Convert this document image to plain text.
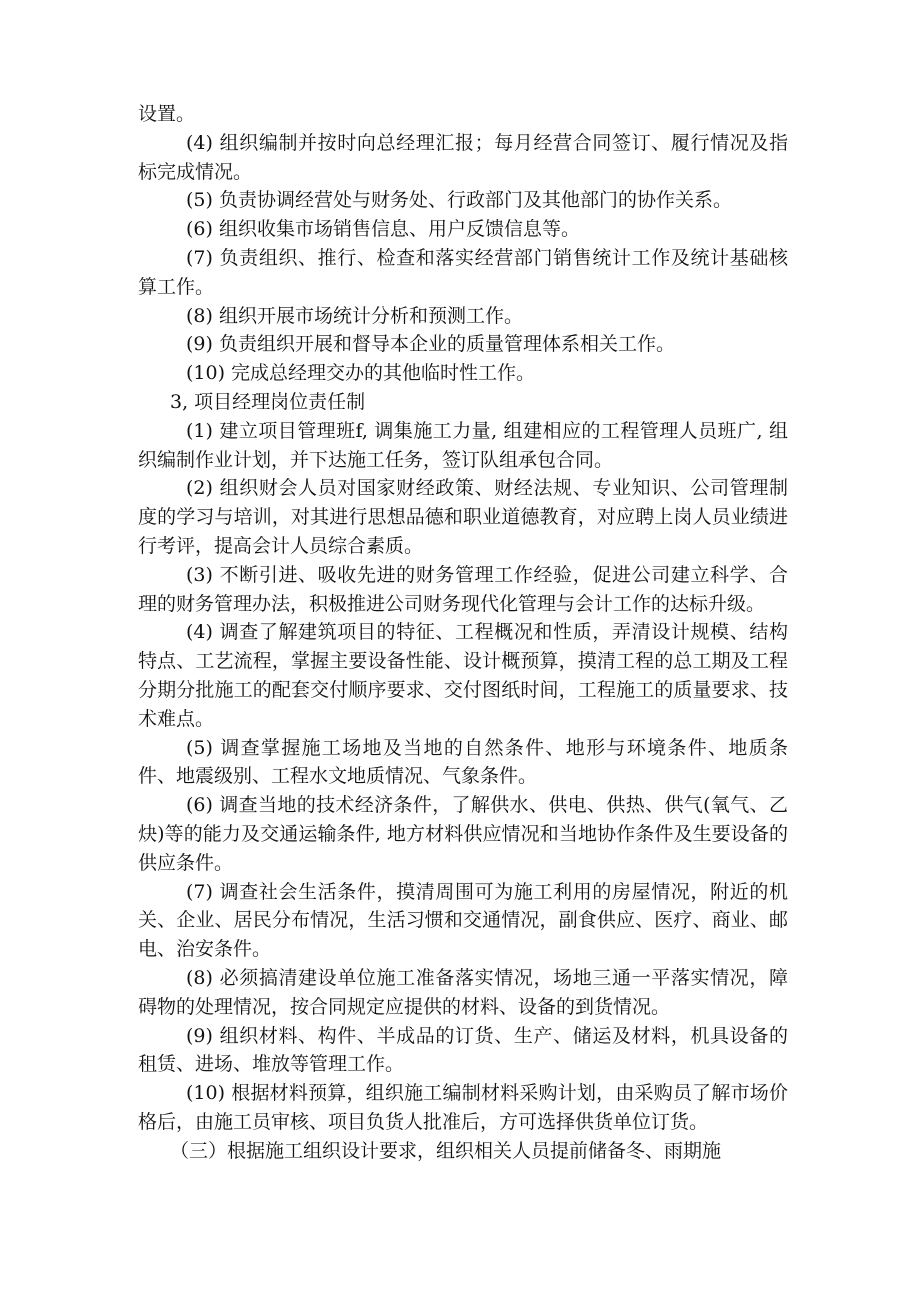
设置。

(4) 组织编制并按时向总经理汇报；每月经营合同签订、履行情况及指标完成情况。

(5) 负责协调经营处与财务处、行政部门及其他部门的协作关系。

(6) 组织收集市场销售信息、用户反馈信息等。

(7) 负责组织、推行、检查和落实经营部门销售统计工作及统计基础核算工作。

(8) 组织开展市场统计分析和预测工作。

(9) 负责组织开展和督导本企业的质量管理体系相关工作。

(10) 完成总经理交办的其他临时性工作。

3, 项目经理岗位责任制

(1) 建立项目管理班f, 调集施工力量, 组建相应的工程管理人员班广, 组织编制作业计划，并下达施工任务，签订队组承包合同。

(2) 组织财会人员对国家财经政策、财经法规、专业知识、公司管理制度的学习与培训，对其进行思想品德和职业道德教育，对应聘上岗人员业绩进行考评，提高会计人员综合素质。

(3) 不断引进、吸收先进的财务管理工作经验，促进公司建立科学、合理的财务管理办法，积极推进公司财务现代化管理与会计工作的达标升级。

(4) 调查了解建筑项目的特征、工程概况和性质，弄清设计规模、结构特点、工艺流程，掌握主要设备性能、设计概预算，摸清工程的总工期及工程分期分批施工的配套交付顺序要求、交付图纸时间，工程施工的质量要求、技术难点。

(5) 调查掌握施工场地及当地的自然条件、地形与环境条件、地质条件、地震级别、工程水文地质情况、气象条件。

(6) 调查当地的技术经济条件，了解供水、供电、供热、供气(氧气、乙炔)等的能力及交通运输条件, 地方材料供应情况和当地协作条件及生要设备的供应条件。

(7) 调查社会生活条件，摸清周围可为施工利用的房屋情况，附近的机关、企业、居民分布情况，生活习惯和交通情况，副食供应、医疗、商业、邮电、治安条件。

(8) 必须搞清建设单位施工准备落实情况，场地三通一平落实情况，障碍物的处理情况，按合同规定应提供的材料、设备的到货情况。

(9) 组织材料、构件、半成品的订货、生产、储运及材料，机具设备的租赁、进场、堆放等管理工作。

(10) 根据材料预算，组织施工编制材料采购计划，由采购员了解市场价格后，由施工员审核、项目负货人批准后，方可选择供货单位订货。

（三）根据施工组织设计要求，组织相关人员提前储备冬、雨期施
